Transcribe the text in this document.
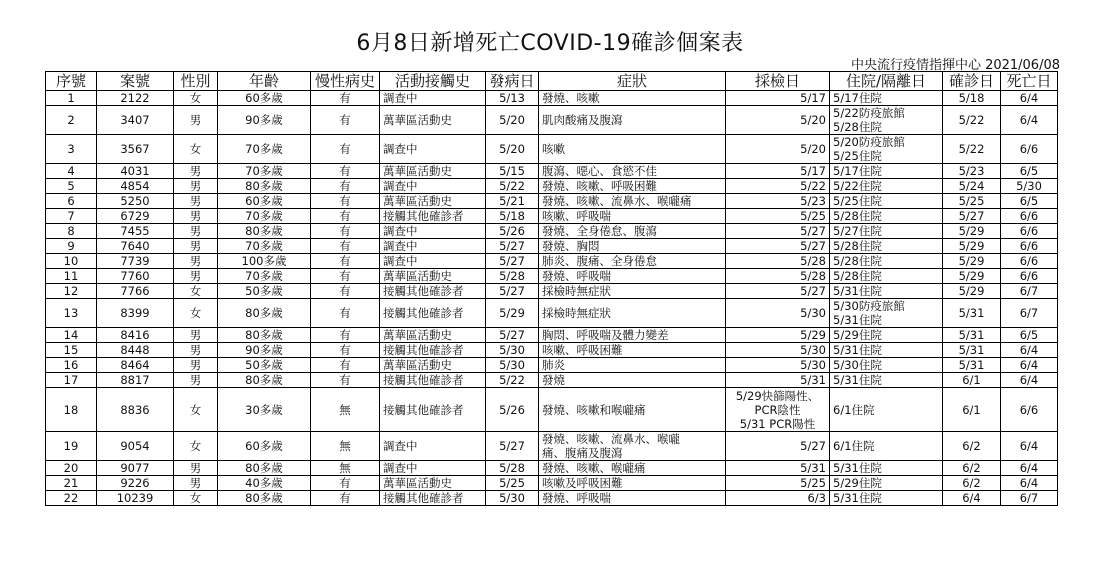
6月8日新增死亡COVID-19確診個案表
中央流行疫情指揮中心 2021/06/08
序號	案號	性別	年齡	慢性病史	活動接觸史	發病日	症狀	採檢日	住院/隔離日	確診日	死亡日
1	2122	女	60多歲	有	調查中	5/13	發燒、咳嗽	5/17	5/17住院	5/18	6/4
2	3407	男	90多歲	有	萬華區活動史	5/20	肌肉酸痛及腹瀉	5/20	5/22防疫旅館
5/28住院	5/22	6/4
3	3567	女	70多歲	有	調查中	5/20	咳嗽	5/20	5/20防疫旅館
5/25住院	5/22	6/6
4	4031	男	70多歲	有	萬華區活動史	5/15	腹瀉、噁心、食慾不佳	5/17	5/17住院	5/23	6/5
5	4854	男	80多歲	有	調查中	5/22	發燒、咳嗽、呼吸困難	5/22	5/22住院	5/24	5/30
6	5250	男	60多歲	有	萬華區活動史	5/21	發燒、咳嗽、流鼻水、喉嚨痛	5/23	5/25住院	5/25	6/5
7	6729	男	70多歲	有	接觸其他確診者	5/18	咳嗽、呼吸喘	5/25	5/28住院	5/27	6/6
8	7455	男	80多歲	有	調查中	5/26	發燒、全身倦怠、腹瀉	5/27	5/27住院	5/29	6/6
9	7640	男	70多歲	有	調查中	5/27	發燒、胸悶	5/27	5/28住院	5/29	6/6
10	7739	男	100多歲	有	調查中	5/27	肺炎、腹痛、全身倦怠	5/28	5/28住院	5/29	6/6
11	7760	男	70多歲	有	萬華區活動史	5/28	發燒、呼吸喘	5/28	5/28住院	5/29	6/6
12	7766	女	50多歲	有	接觸其他確診者	5/27	採檢時無症狀	5/27	5/31住院	5/29	6/7
13	8399	女	80多歲	有	接觸其他確診者	5/29	採檢時無症狀	5/30	5/30防疫旅館
5/31住院	5/31	6/7
14	8416	男	80多歲	有	萬華區活動史	5/27	胸悶、呼吸喘及體力變差	5/29	5/29住院	5/31	6/5
15	8448	男	90多歲	有	接觸其他確診者	5/30	咳嗽、呼吸困難	5/30	5/31住院	5/31	6/4
16	8464	男	50多歲	有	萬華區活動史	5/30	肺炎	5/30	5/30住院	5/31	6/4
17	8817	男	80多歲	有	接觸其他確診者	5/22	發燒	5/31	5/31住院	6/1	6/4
18	8836	女	30多歲	無	接觸其他確診者	5/26	發燒、咳嗽和喉嚨痛	5/29快篩陽性、
PCR陰性
5/31 PCR陽性	6/1住院	6/1	6/6
19	9054	女	60多歲	無	調查中	5/27	發燒、咳嗽、流鼻水、喉嚨
痛、腹痛及腹瀉	5/27	6/1住院	6/2	6/4
20	9077	男	80多歲	無	調查中	5/28	發燒、咳嗽、喉嚨痛	5/31	5/31住院	6/2	6/4
21	9226	男	40多歲	有	萬華區活動史	5/25	咳嗽及呼吸困難	5/25	5/29住院	6/2	6/4
22	10239	女	80多歲	有	接觸其他確診者	5/30	發燒、呼吸喘	6/3	5/31住院	6/4	6/7
